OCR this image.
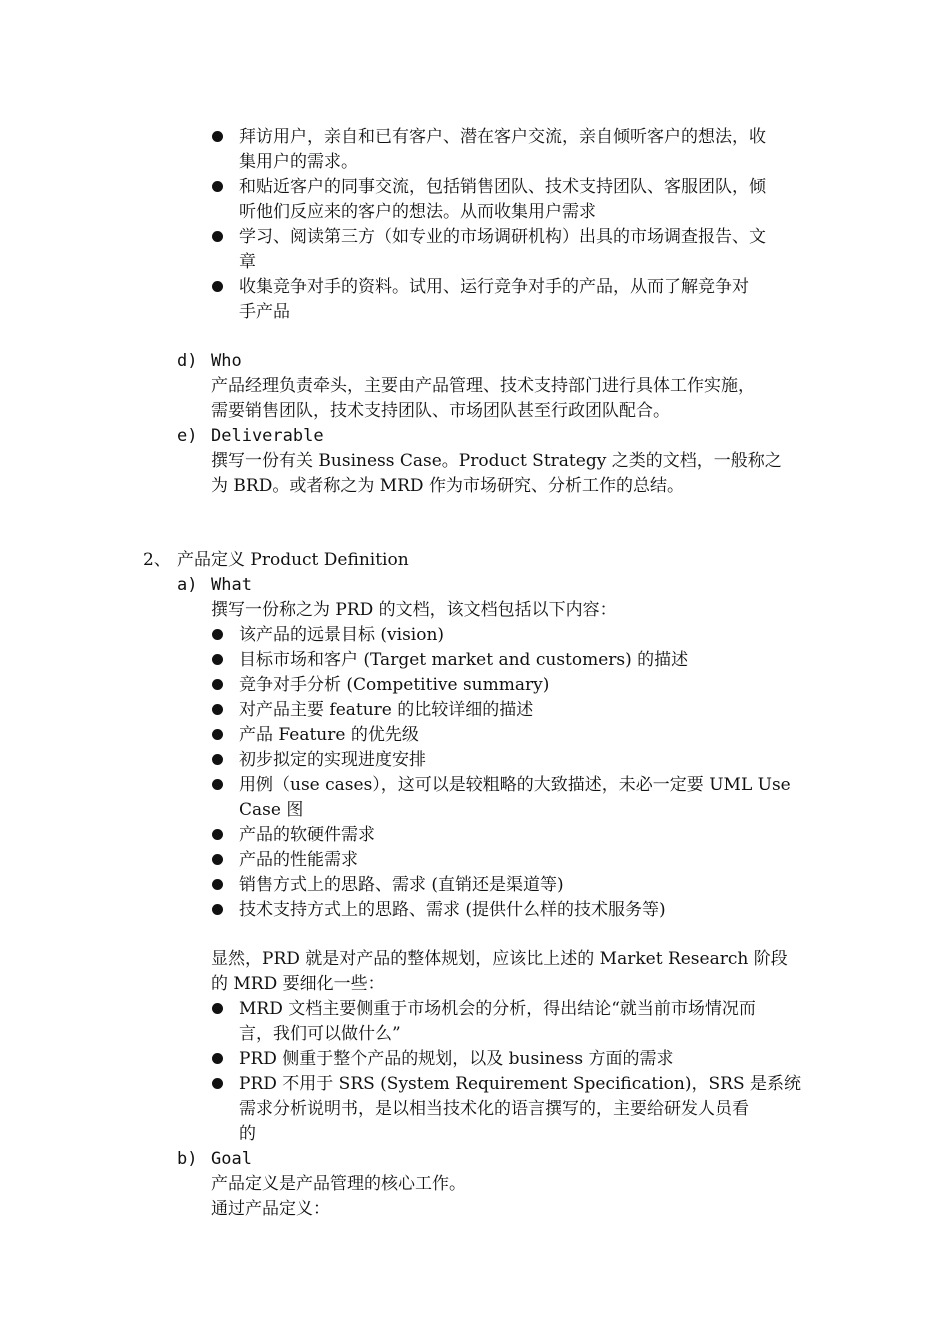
拜访用户，亲自和已有客户、潜在客户交流，亲自倾听客户的想法，收
集用户的需求。
和贴近客户的同事交流，包括销售团队、技术支持团队、客服团队，倾
听他们反应来的客户的想法。从而收集用户需求
学习、阅读第三方（如专业的市场调研机构）出具的市场调查报告、文
章
收集竞争对手的资料。试用、运行竞争对手的产品，从而了解竞争对
手产品
d) Who
产品经理负责牵头，主要由产品管理、技术支持部门进行具体工作实施，
需要销售团队，技术支持团队、市场团队甚至行政团队配合。
e) Deliverable
撰写一份有关 Business Case。Product Strategy 之类的文档，一般称之
为 BRD。或者称之为 MRD 作为市场研究、分析工作的总结。
2、 产品定义 Product Definition
a) What
撰写一份称之为 PRD 的文档，该文档包括以下内容：
该产品的远景目标 (vision)
目标市场和客户 (Target market and customers) 的描述
竞争对手分析 (Competitive summary)
对产品主要 feature 的比较详细的描述
产品 Feature 的优先级
初步拟定的实现进度安排
用例（use cases），这可以是较粗略的大致描述，未必一定要 UML Use
Case 图
产品的软硬件需求
产品的性能需求
销售方式上的思路、需求 (直销还是渠道等)
技术支持方式上的思路、需求 (提供什么样的技术服务等)
显然，PRD 就是对产品的整体规划，应该比上述的 Market Research 阶段
的 MRD 要细化一些：
MRD 文档主要侧重于市场机会的分析，得出结论“就当前市场情况而
言，我们可以做什么”
PRD 侧重于整个产品的规划，以及 business 方面的需求
PRD 不用于 SRS (System Requirement Specification)，SRS 是系统
需求分析说明书，是以相当技术化的语言撰写的，主要给研发人员看
的
b) Goal
产品定义是产品管理的核心工作。
通过产品定义：
